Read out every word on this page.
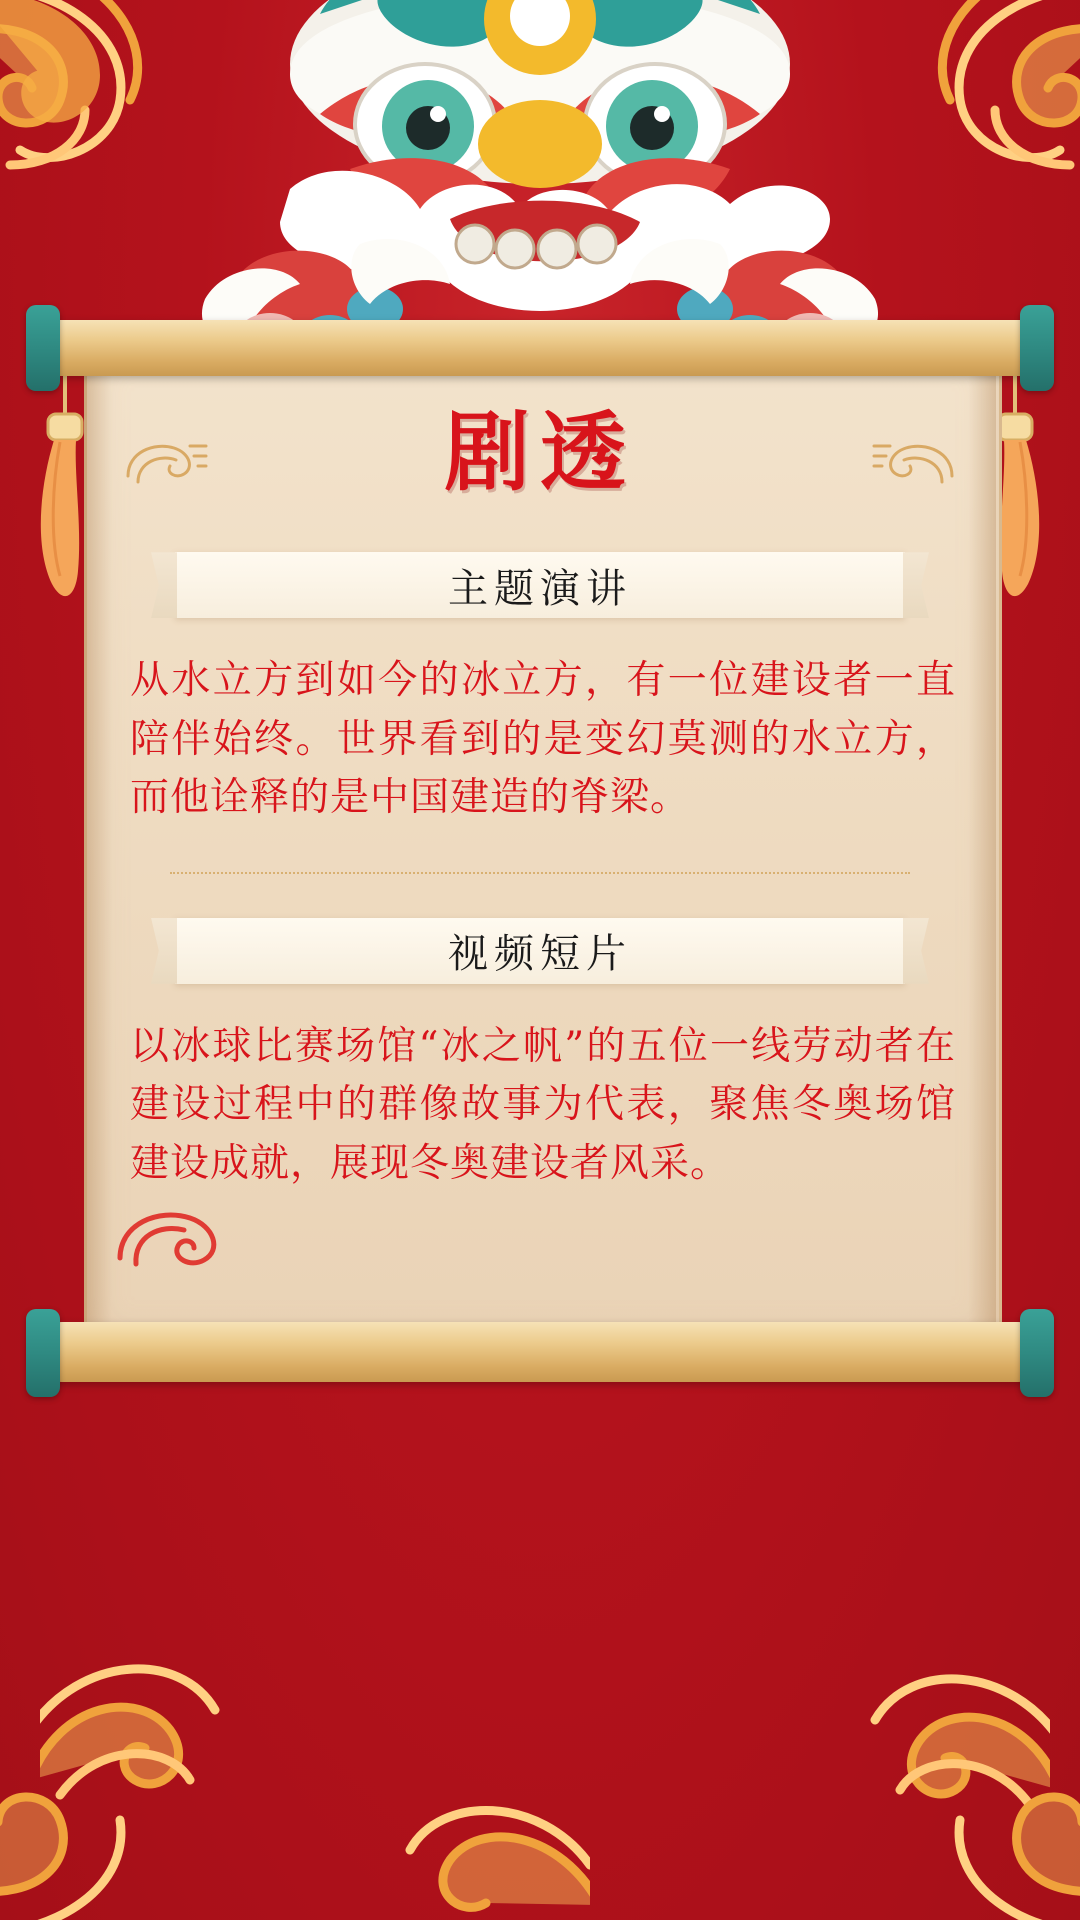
剧透
主题演讲
从水立方到如今的冰立方，有一位建设者一直陪伴始终。世界看到的是变幻莫测的水立方，而他诠释的是中国建造的脊梁。
视频短片
以冰球比赛场馆“冰之帆”的五位一线劳动者在建设过程中的群像故事为代表，聚焦冬奥场馆建设成就，展现冬奥建设者风采。
